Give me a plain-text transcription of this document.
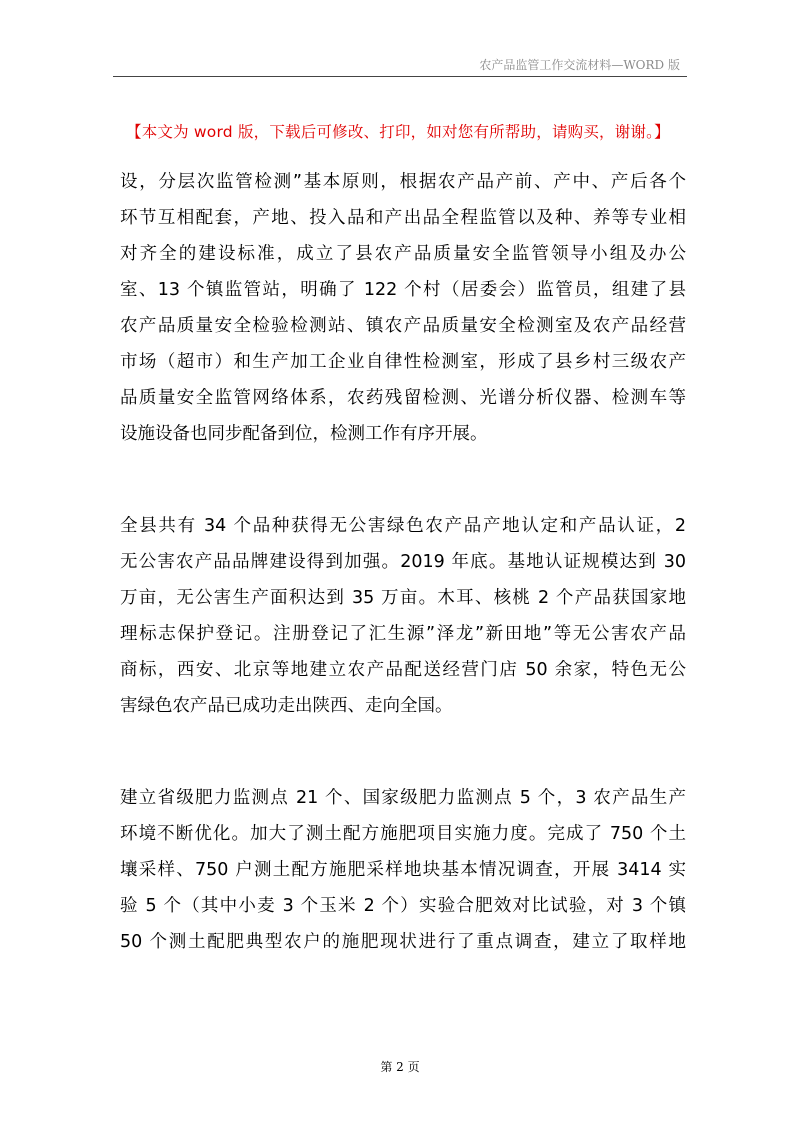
农产品监管工作交流材料—WORD 版
【本文为 word 版，下载后可修改、打印，如对您有所帮助，请购买，谢谢。】
设，分层次监管检测”基本原则，根据农产品产前、产中、产后各个
环节互相配套，产地、投入品和产出品全程监管以及种、养等专业相
对齐全的建设标准，成立了县农产品质量安全监管领导小组及办公
室、13 个镇监管站，明确了 122 个村（居委会）监管员，组建了县
农产品质量安全检验检测站、镇农产品质量安全检测室及农产品经营
市场（超市）和生产加工企业自律性检测室，形成了县乡村三级农产
品质量安全监管网络体系，农药残留检测、光谱分析仪器、检测车等
设施设备也同步配备到位，检测工作有序开展。
全县共有 34 个品种获得无公害绿色农产品产地认定和产品认证，2
无公害农产品品牌建设得到加强。2019 年底。基地认证规模达到 30
万亩，无公害生产面积达到 35 万亩。木耳、核桃 2 个产品获国家地
理标志保护登记。注册登记了汇生源”泽龙”新田地”等无公害农产品
商标，西安、北京等地建立农产品配送经营门店 50 余家，特色无公
害绿色农产品已成功走出陕西、走向全国。
建立省级肥力监测点 21 个、国家级肥力监测点 5 个，3 农产品生产
环境不断优化。加大了测土配方施肥项目实施力度。完成了 750 个土
壤采样、750 户测土配方施肥采样地块基本情况调查，开展 3414 实
验 5 个（其中小麦 3 个玉米 2 个）实验合肥效对比试验，对 3 个镇
50 个测土配肥典型农户的施肥现状进行了重点调查，建立了取样地
第 2 页
